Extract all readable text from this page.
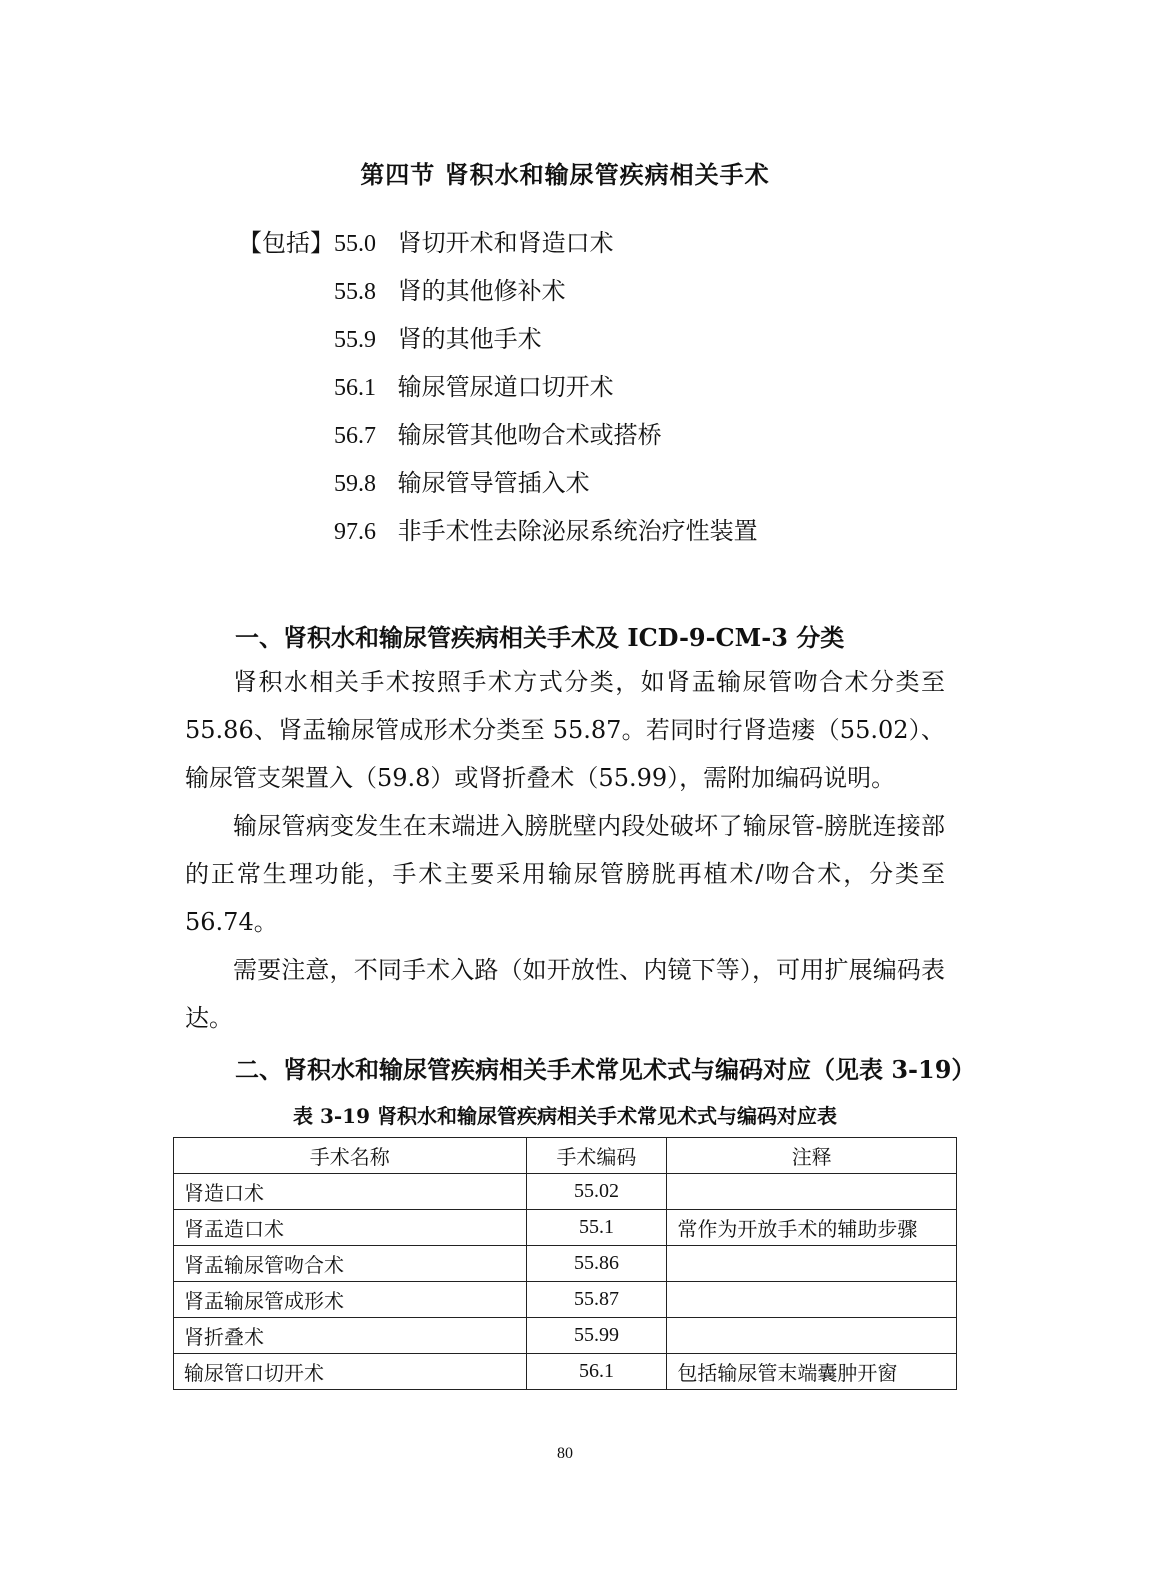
第四节 肾积水和输尿管疾病相关手术
【包括】55.0 肾切开术和肾造口术
55.8 肾的其他修补术
55.9 肾的其他手术
56.1 输尿管尿道口切开术
56.7 输尿管其他吻合术或搭桥
59.8 输尿管导管插入术
97.6 非手术性去除泌尿系统治疗性装置
一、肾积水和输尿管疾病相关手术及 ICD-9-CM-3 分类
肾积水相关手术按照手术方式分类，如肾盂输尿管吻合术分类至55.86、肾盂输尿管成形术分类至 55.87。若同时行肾造瘘（55.02）、输尿管支架置入（59.8）或肾折叠术（55.99），需附加编码说明。
输尿管病变发生在末端进入膀胱壁内段处破坏了输尿管-膀胱连接部的正常生理功能，手术主要采用输尿管膀胱再植术/吻合术，分类至56.74。
需要注意，不同手术入路（如开放性、内镜下等），可用扩展编码表达。
二、肾积水和输尿管疾病相关手术常见术式与编码对应（见表 3-19）
表 3-19 肾积水和输尿管疾病相关手术常见术式与编码对应表
手术名称	手术编码	注释
肾造口术	55.02	
肾盂造口术	55.1	常作为开放手术的辅助步骤
肾盂输尿管吻合术	55.86	
肾盂输尿管成形术	55.87	
肾折叠术	55.99	
输尿管口切开术	56.1	包括输尿管末端囊肿开窗
80
